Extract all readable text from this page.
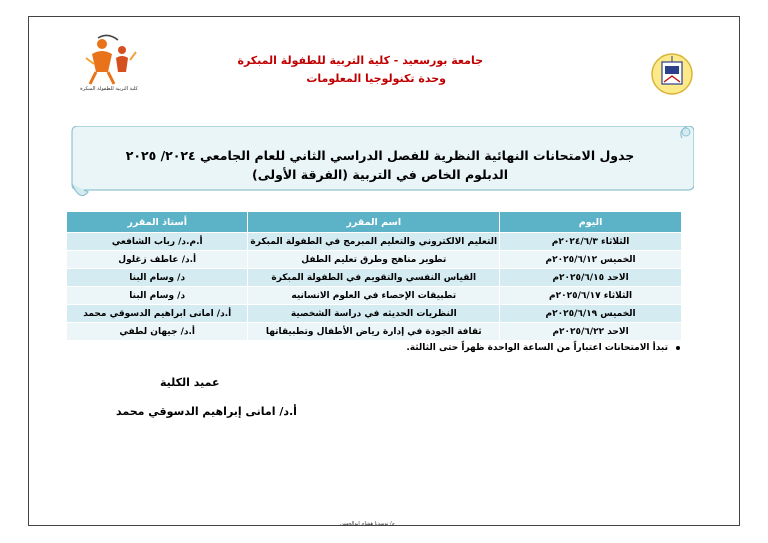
كلية التربية للطفولة المبكرة
جامعة بورسعيد - كلية التربية للطفولة المبكرة
وحدة تكنولوجيا المعلومات
جدول الامتحانات النهائية النظرية للفصل الدراسي الثاني للعام الجامعي ٢٠٢٤/ ٢٠٢٥
الدبلوم الخاص في التربية (الفرقة الأولى)
اليوم	اسم المقرر	أستاذ المقرر
الثلاثاء ٢٠٢٤/٦/٣م	التعليم الالكتروني والتعليم المبرمج في الطفولة المبكرة	أ.م.د/ رباب الشافعي
الخميس ٢٠٢٥/٦/١٢م	تطوير مناهج وطرق تعليم الطفل	أ.د/ عاطف زغلول
الاحد ٢٠٢٥/٦/١٥م	القياس النفسي والتقويم في الطفولة المبكرة	د/ وسام البنا
الثلاثاء ٢٠٢٥/٦/١٧م	تطبيقات الإحصاء في العلوم الانسانيه	د/ وسام البنا
الخميس ٢٠٢٥/٦/١٩م	النظريات الحديثه في دراسة الشخصية	أ.د/ امانى ابراهيم الدسوقي محمد
الاحد ٢٠٢٥/٦/٢٢م	ثقافة الجودة في إدارة رياض الأطفال وتطبيقاتها	أ.د/ جيهان لطفي
تبدأ الامتحانات اعتباراً من الساعة الواحدة ظهراً حتى الثالثة.
عميد الكلية
أ.د/ امانى إبراهيم الدسوقي محمد
م/ توسدنا هشام ابوالحسن
